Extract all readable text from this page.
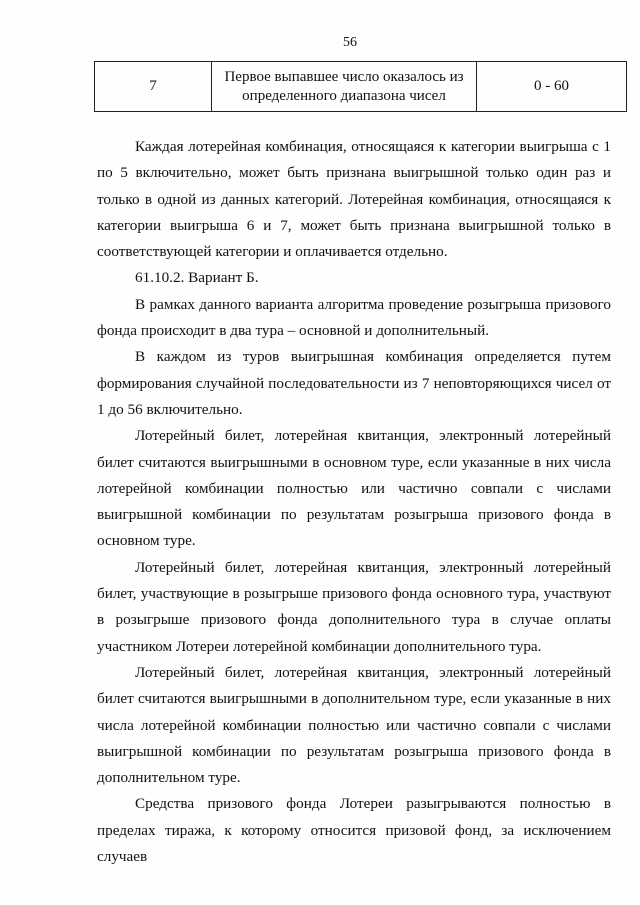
56
7	Первое выпавшее число оказалось из определенного диапазона чисел	0 - 60

Каждая лотерейная комбинация, относящаяся к категории выигрыша с 1 по 5 включительно, может быть признана выигрышной только один раз и только в одной из данных категорий. Лотерейная комбинация, относящаяся к категории выигрыша 6 и 7, может быть признана выигрышной только в соответствующей категории и оплачивается отдельно.

61.10.2. Вариант Б.

В рамках данного варианта алгоритма проведение розыгрыша призового фонда происходит в два тура – основной и дополнительный.

В каждом из туров выигрышная комбинация определяется путем формирования случайной последовательности из 7 неповторяющихся чисел от 1 до 56 включительно.

Лотерейный билет, лотерейная квитанция, электронный лотерейный билет считаются выигрышными в основном туре, если указанные в них числа лотерейной комбинации полностью или частично совпали с числами выигрышной комбинации по результатам розыгрыша призового фонда в основном туре.

Лотерейный билет, лотерейная квитанция, электронный лотерейный билет, участвующие в розыгрыше призового фонда основного тура, участвуют в розыгрыше призового фонда дополнительного тура в случае оплаты участником Лотереи лотерейной комбинации дополнительного тура.

Лотерейный билет, лотерейная квитанция, электронный лотерейный билет считаются выигрышными в дополнительном туре, если указанные в них числа лотерейной комбинации полностью или частично совпали с числами выигрышной комбинации по результатам розыгрыша призового фонда в дополнительном туре.

Средства призового фонда Лотереи разыгрываются полностью в пределах тиража, к которому относится призовой фонд, за исключением случаев
